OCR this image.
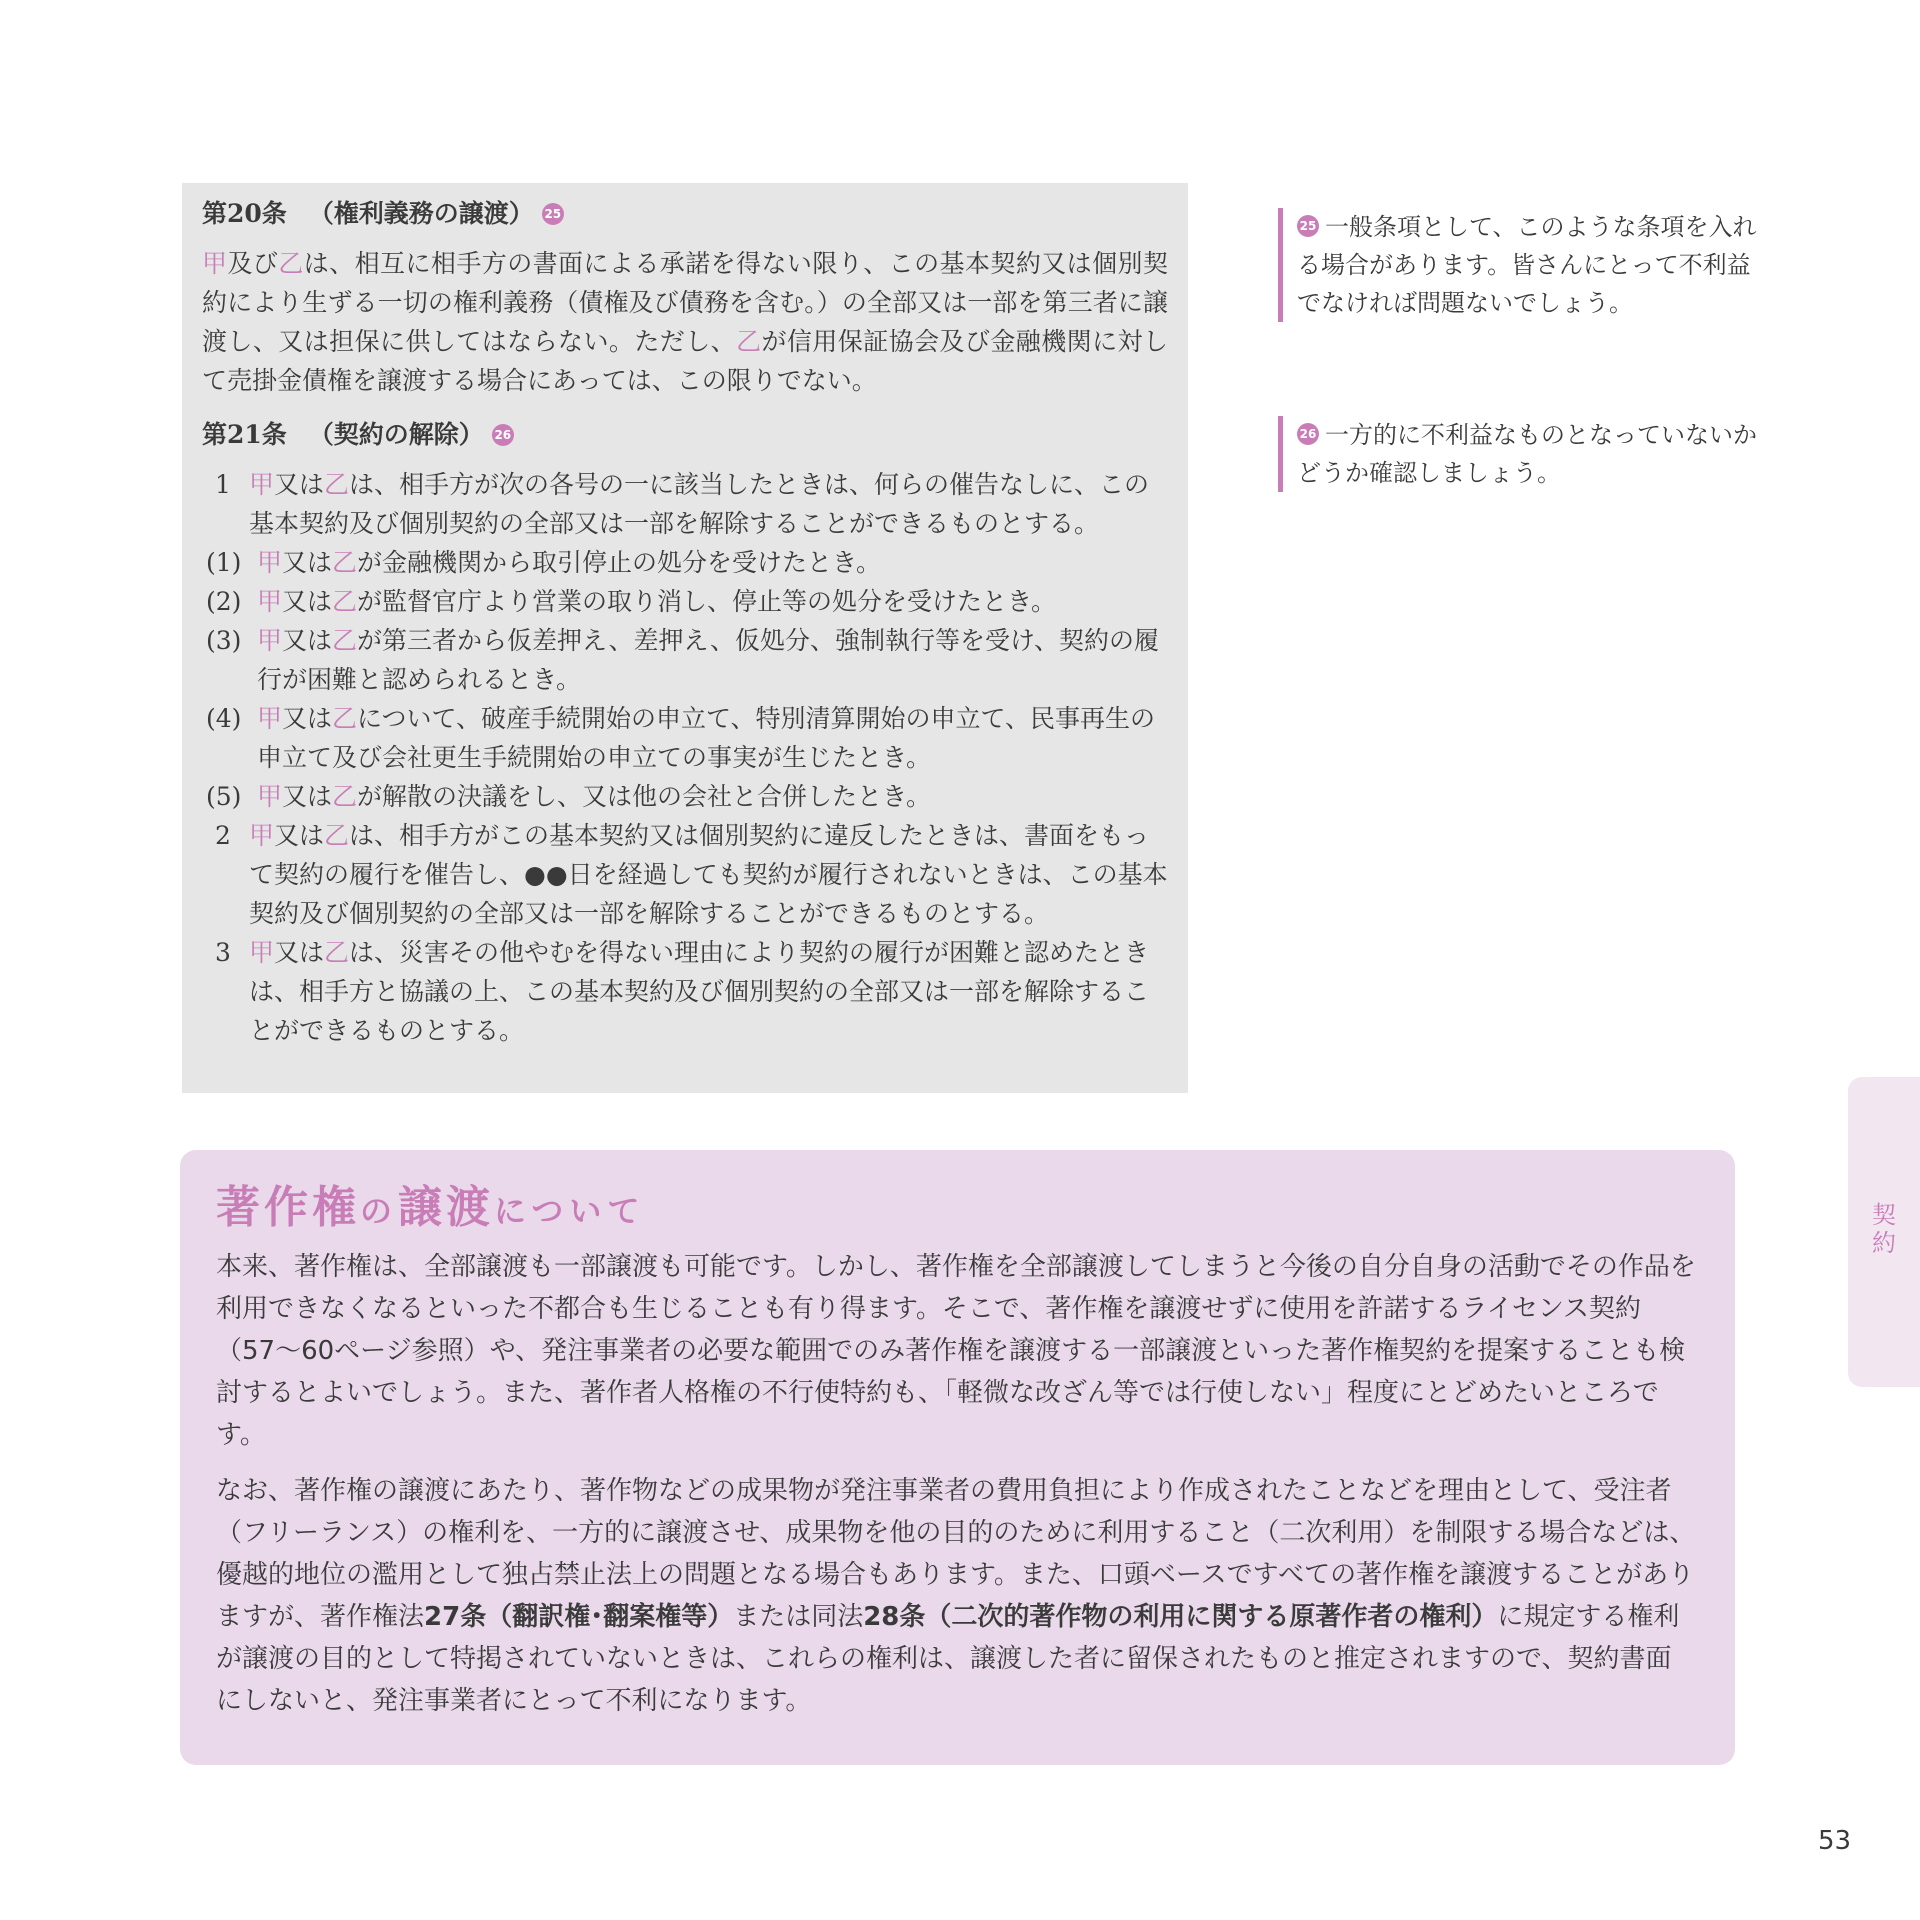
第20条 （権利義務の譲渡） 25

甲及び乙は、相互に相手方の書面による承諾を得ない限り、この基本契約又は個別契約により生ずる一切の権利義務（債権及び債務を含む。）の全部又は一部を第三者に譲渡し、又は担保に供してはならない。ただし、乙が信用保証協会及び金融機関に対して売掛金債権を譲渡する場合にあっては、この限りでない。

第21条 （契約の解除） 26
1 甲又は乙は、相手方が次の各号の一に該当したときは、何らの催告なしに、この基本契約及び個別契約の全部又は一部を解除することができるものとする。
(1) 甲又は乙が金融機関から取引停止の処分を受けたとき。
(2) 甲又は乙が監督官庁より営業の取り消し、停止等の処分を受けたとき。
(3) 甲又は乙が第三者から仮差押え、差押え、仮処分、強制執行等を受け、契約の履行が困難と認められるとき。
(4) 甲又は乙について、破産手続開始の申立て、特別清算開始の申立て、民事再生の申立て及び会社更生手続開始の申立ての事実が生じたとき。
(5) 甲又は乙が解散の決議をし、又は他の会社と合併したとき。
2 甲又は乙は、相手方がこの基本契約又は個別契約に違反したときは、書面をもって契約の履行を催告し、●●日を経過しても契約が履行されないときは、この基本契約及び個別契約の全部又は一部を解除することができるものとする。
3 甲又は乙は、災害その他やむを得ない理由により契約の履行が困難と認めたときは、相手方と協議の上、この基本契約及び個別契約の全部又は一部を解除することができるものとする。
25 一般条項として、このような条項を入れる場合があります。皆さんにとって不利益でなければ問題ないでしょう。
26 一方的に不利益なものとなっていないかどうか確認しましょう。
著作権の譲渡について

本来、著作権は、全部譲渡も一部譲渡も可能です。しかし、著作権を全部譲渡してしまうと今後の自分自身の活動でその作品を利用できなくなるといった不都合も生じることも有り得ます。そこで、著作権を譲渡せずに使用を許諾するライセンス契約（57〜60ページ参照）や、発注事業者の必要な範囲でのみ著作権を譲渡する一部譲渡といった著作権契約を提案することも検討するとよいでしょう。また、著作者人格権の不行使特約も、「軽微な改ざん等では行使しない」程度にとどめたいところです。

なお、著作権の譲渡にあたり、著作物などの成果物が発注事業者の費用負担により作成されたことなどを理由として、受注者（フリーランス）の権利を、一方的に譲渡させ、成果物を他の目的のために利用すること（二次利用）を制限する場合などは、優越的地位の濫用として独占禁止法上の問題となる場合もあります。また、口頭ベースですべての著作権を譲渡することがありますが、著作権法27条（翻訳権･翻案権等）または同法28条（二次的著作物の利用に関する原著作者の権利）に規定する権利が譲渡の目的として特掲されていないときは、これらの権利は、譲渡した者に留保されたものと推定されますので、契約書面にしないと、発注事業者にとって不利になります。

契
約
53
